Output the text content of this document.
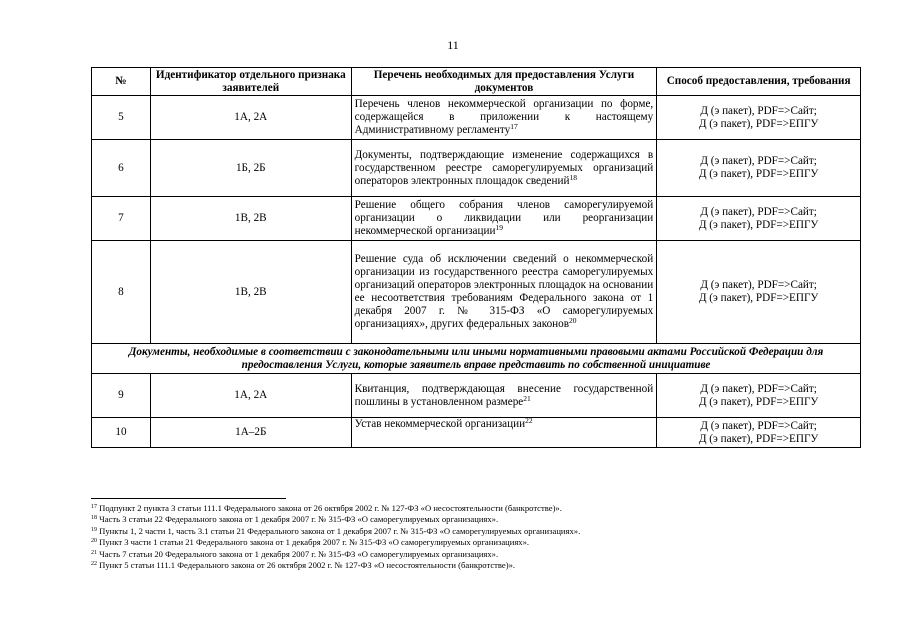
11
№	Идентификатор отдельного признака заявителей	Перечень необходимых для предоставления Услуги документов	Способ предоставления, требования
5	1А, 2А	Перечень членов некоммерческой организации по форме, содержащейся в приложении к настоящему Административному регламенту$^{17}$	Д (э пакет), PDF=>Сайт;
Д (э пакет), PDF=>ЕПГУ

6	1Б, 2Б	Документы, подтверждающие изменение содержащихся в государственном реестре саморегулируемых организаций операторов электронных площадок сведений$^{18}$	Д (э пакет), PDF=>Сайт;
Д (э пакет), PDF=>ЕПГУ

7	1В, 2В	Решение общего собрания членов саморегулируемой организации о ликвидации или реорганизации некоммерческой организации$^{19}$	Д (э пакет), PDF=>Сайт;
Д (э пакет), PDF=>ЕПГУ

8	1В, 2В	Решение суда об исключении сведений о некоммерческой организации из государственного реестра саморегулируемых организаций операторов электронных площадок на основании ее несоответствия требованиям Федерального закона от 1 декабря 2007 г. № 315-ФЗ «О саморегулируемых организациях», других федеральных законов$^{20}$	Д (э пакет), PDF=>Сайт;
Д (э пакет), PDF=>ЕПГУ

Документы, необходимые в соответствии с законодательными или иными нормативными правовыми актами Российской Федерации для предоставления Услуги, которые заявитель вправе представить по собственной инициативе			
9	1А, 2А	Квитанция, подтверждающая внесение государственной пошлины в установленном размере$^{21}$	Д (э пакет), PDF=>Сайт;
Д (э пакет), PDF=>ЕПГУ

10	1А–2Б	Устав некоммерческой организации$^{22}$	Д (э пакет), PDF=>Сайт;
Д (э пакет), PDF=>ЕПГУ
$^{17}$ Подпункт 2 пункта 3 статьи 111.1 Федерального закона от 26 октября 2002 г. № 127-ФЗ «О несостоятельности (банкротстве)».
$^{18}$ Часть 3 статьи 22 Федерального закона от 1 декабря 2007 г. № 315-ФЗ «О саморегулируемых организациях».
$^{19}$ Пункты 1, 2 части 1, часть 3.1 статьи 21 Федерального закона от 1 декабря 2007 г. № 315-ФЗ «О саморегулируемых организациях».
$^{20}$ Пункт 3 части 1 статьи 21 Федерального закона от 1 декабря 2007 г. № 315-ФЗ «О саморегулируемых организациях».
$^{21}$ Часть 7 статьи 20 Федерального закона от 1 декабря 2007 г. № 315-ФЗ «О саморегулируемых организациях».
$^{22}$ Пункт 5 статьи 111.1 Федерального закона от 26 октября 2002 г. № 127-ФЗ «О несостоятельности (банкротстве)».
